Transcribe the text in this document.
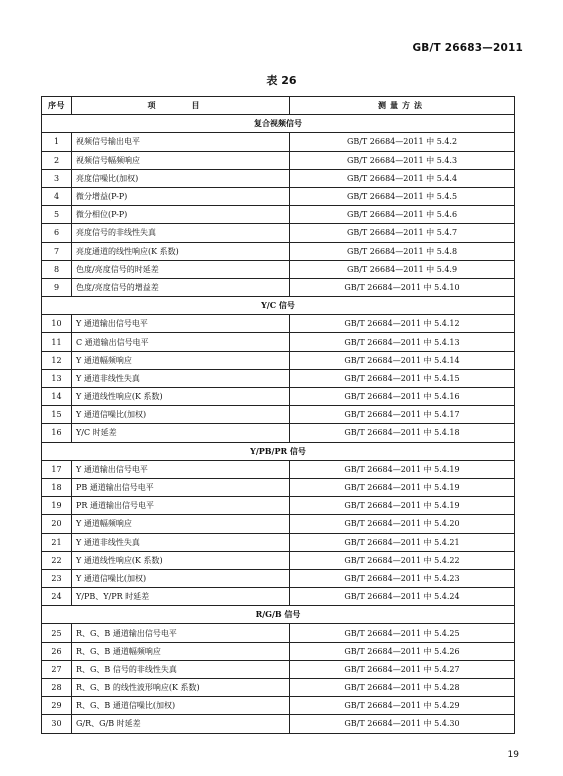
GB/T 26683—2011
表 26
序号	项　目	测量方法
复合视频信号		
1	视频信号输出电平	GB/T 26684—2011 中 5.4.2
2	视频信号幅频响应	GB/T 26684—2011 中 5.4.3
3	亮度信噪比(加权)	GB/T 26684—2011 中 5.4.4
4	微分增益(P-P)	GB/T 26684—2011 中 5.4.5
5	微分相位(P-P)	GB/T 26684—2011 中 5.4.6
6	亮度信号的非线性失真	GB/T 26684—2011 中 5.4.7
7	亮度通道的线性响应(K 系数)	GB/T 26684—2011 中 5.4.8
8	色度/亮度信号的时延差	GB/T 26684—2011 中 5.4.9
9	色度/亮度信号的增益差	GB/T 26684—2011 中 5.4.10
Y/C 信号		
10	Y 通道输出信号电平	GB/T 26684—2011 中 5.4.12
11	C 通道输出信号电平	GB/T 26684—2011 中 5.4.13
12	Y 通道幅频响应	GB/T 26684—2011 中 5.4.14
13	Y 通道非线性失真	GB/T 26684—2011 中 5.4.15
14	Y 通道线性响应(K 系数)	GB/T 26684—2011 中 5.4.16
15	Y 通道信噪比(加权)	GB/T 26684—2011 中 5.4.17
16	Y/C 时延差	GB/T 26684—2011 中 5.4.18
Y/PB/PR 信号		
17	Y 通道输出信号电平	GB/T 26684—2011 中 5.4.19
18	PB 通道输出信号电平	GB/T 26684—2011 中 5.4.19
19	PR 通道输出信号电平	GB/T 26684—2011 中 5.4.19
20	Y 通道幅频响应	GB/T 26684—2011 中 5.4.20
21	Y 通道非线性失真	GB/T 26684—2011 中 5.4.21
22	Y 通道线性响应(K 系数)	GB/T 26684—2011 中 5.4.22
23	Y 通道信噪比(加权)	GB/T 26684—2011 中 5.4.23
24	Y/PB、Y/PR 时延差	GB/T 26684—2011 中 5.4.24
R/G/B 信号		
25	R、G、B 通道输出信号电平	GB/T 26684—2011 中 5.4.25
26	R、G、B 通道幅频响应	GB/T 26684—2011 中 5.4.26
27	R、G、B 信号的非线性失真	GB/T 26684—2011 中 5.4.27
28	R、G、B 的线性波形响应(K 系数)	GB/T 26684—2011 中 5.4.28
29	R、G、B 通道信噪比(加权)	GB/T 26684—2011 中 5.4.29
30	G/R、G/B 时延差	GB/T 26684—2011 中 5.4.30
19
